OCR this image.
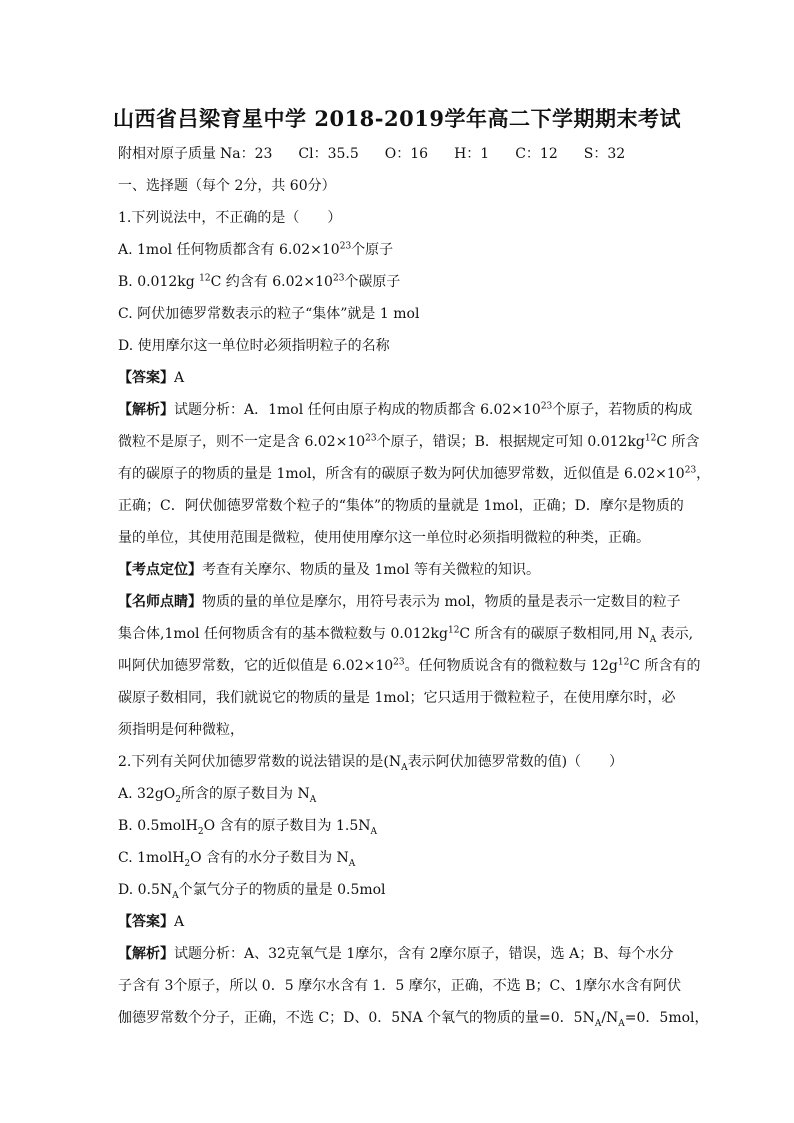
山西省吕梁育星中学 2018-2019学年高二下学期期末考试
附相对原子质量 Na：23 Cl：35.5 O：16 H：1 C：12 S：32
一、选择题（每个 2分，共 60分）
1.下列说法中，不正确的是（　　）
A. 1mol 任何物质都含有 $6.02\times 10^{23}$个原子
B. 0.012kg $^{12}$C 约含有 $6.02\times 10^{23}$个碳原子
C. 阿伏加德罗常数表示的粒子“集体”就是 1 mol
D. 使用摩尔这一单位时必须指明粒子的名称
【答案】A
【解析】试题分析：A．1mol 任何由原子构成的物质都含 $6.02\times 10^{23}$个原子，若物质的构成
微粒不是原子，则不一定是含 $6.02\times 10^{23}$个原子，错误；B．根据规定可知 $0.012kg^{12}C$ 所含
有的碳原子的物质的量是 1mol，所含有的碳原子数为阿伏加德罗常数，近似值是 $6.02\times 10^{23}$，
正确；C．阿伏伽德罗常数个粒子的“集体”的物质的量就是 1mol，正确；D．摩尔是物质的
量的单位，其使用范围是微粒，使用使用摩尔这一单位时必须指明微粒的种类，正确。
【考点定位】考查有关摩尔、物质的量及 1mol 等有关微粒的知识。
【名师点睛】物质的量的单位是摩尔，用符号表示为 mol，物质的量是表示一定数目的粒子
集合体,1mol 任何物质含有的基本微粒数与 $0.012kg^{12}C$ 所含有的碳原子数相同,用 $N_A$ 表示,
叫阿伏加德罗常数，它的近似值是 $6.02\times 10^{23}$。任何物质说含有的微粒数与 $12g^{12}C$ 所含有的
碳原子数相同，我们就说它的物质的量是 1mol；它只适用于微粒粒子，在使用摩尔时，必
须指明是何种微粒，
2.下列有关阿伏加德罗常数的说法错误的是($N_A$表示阿伏加德罗常数的值)（　　）
A. $32gO_2$所含的原子数目为 $N_A$
B. 0.5molH$_2$O 含有的原子数目为 $1.5N_A$
C. 1molH$_2$O 含有的水分子数目为 $N_A$
D. $0.5N_A$个氯气分子的物质的量是 0.5mol
【答案】A
【解析】试题分析：A、32克氧气是 1摩尔，含有 2摩尔原子，错误，选 A；B、每个水分
子含有 3个原子，所以 0．5 摩尔水含有 1．5 摩尔，正确，不选 B；C、1摩尔水含有阿伏
伽德罗常数个分子，正确，不选 C；D、0．5NA 个氧气的物质的量=0．$5N_A/N_A=0$．5mol，
